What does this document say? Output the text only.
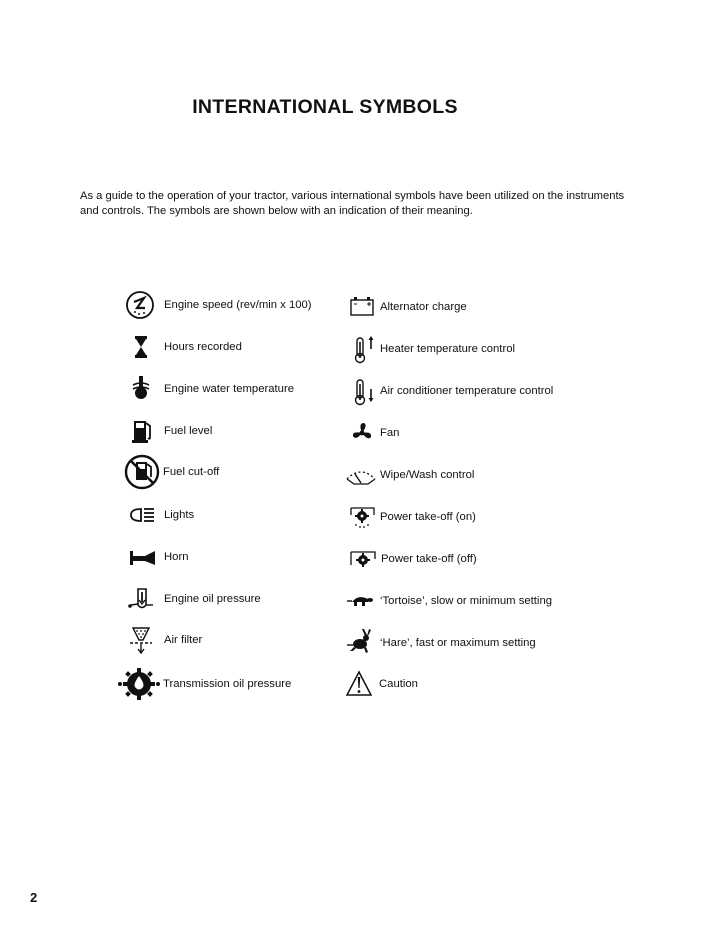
INTERNATIONAL SYMBOLS
As a guide to the operation of your tractor, various international symbols have been utilized on the instruments and controls. The symbols are shown below with an indication of their meaning.
Engine speed (rev/min x 100)
Hours recorded
Engine water temperature
Fuel level
Fuel cut-off
Lights
Horn
Engine oil pressure
Air filter
Transmission oil pressure
Alternator charge
Heater temperature control
Air conditioner temperature control
Fan
Wipe/Wash control
Power take-off (on)
Power take-off (off)
‘Tortoise’, slow or minimum setting
‘Hare’, fast or maximum setting
Caution
2
